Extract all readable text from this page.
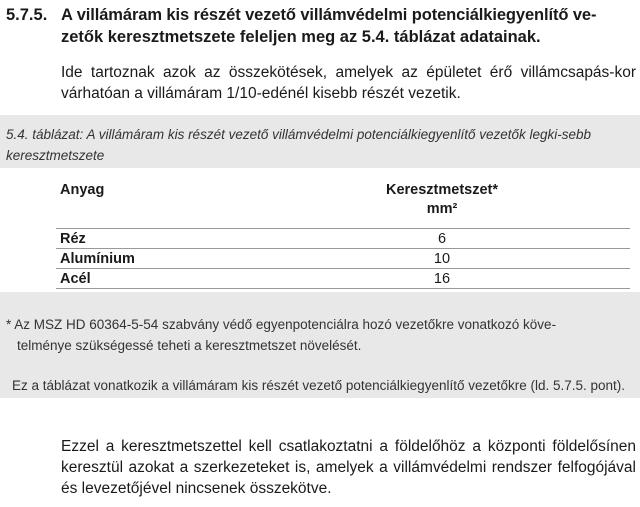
5.7.5. A villámáram kis részét vezető villámvédelmi potenciálkiegyenlítő ve-
zetők keresztmetszete feleljen meg az 5.4. táblázat adatainak.
Ide tartoznak azok az összekötések, amelyek az épületet érő villámcsapás-kor várhatóan a villámáram 1/10-edénél kisebb részét vezetik.
5.4. táblázat: A villámáram kis részét vezető villámvédelmi potenciálkiegyenlítő vezetők legki-sebb keresztmetszete
Anyag	Keresztmetszet*
mm²

Réz	6
Alumínium	10
Acél	16
* Az MSZ HD 60364-5-54 szabvány védő egyenpotenciálra hozó vezetőkre vonatkozó köve-
telménye szükségessé teheti a keresztmetszet növelését.
Ez a táblázat vonatkozik a villámáram kis részét vezető potenciálkiegyenlítő vezetőkre (ld. 5.7.5. pont).
Ezzel a keresztmetszettel kell csatlakoztatni a földelőhöz a központi földelősínen keresztül azokat a szerkezeteket is, amelyek a villámvédelmi rendszer felfogójával és levezetőjével nincsenek összekötve.
